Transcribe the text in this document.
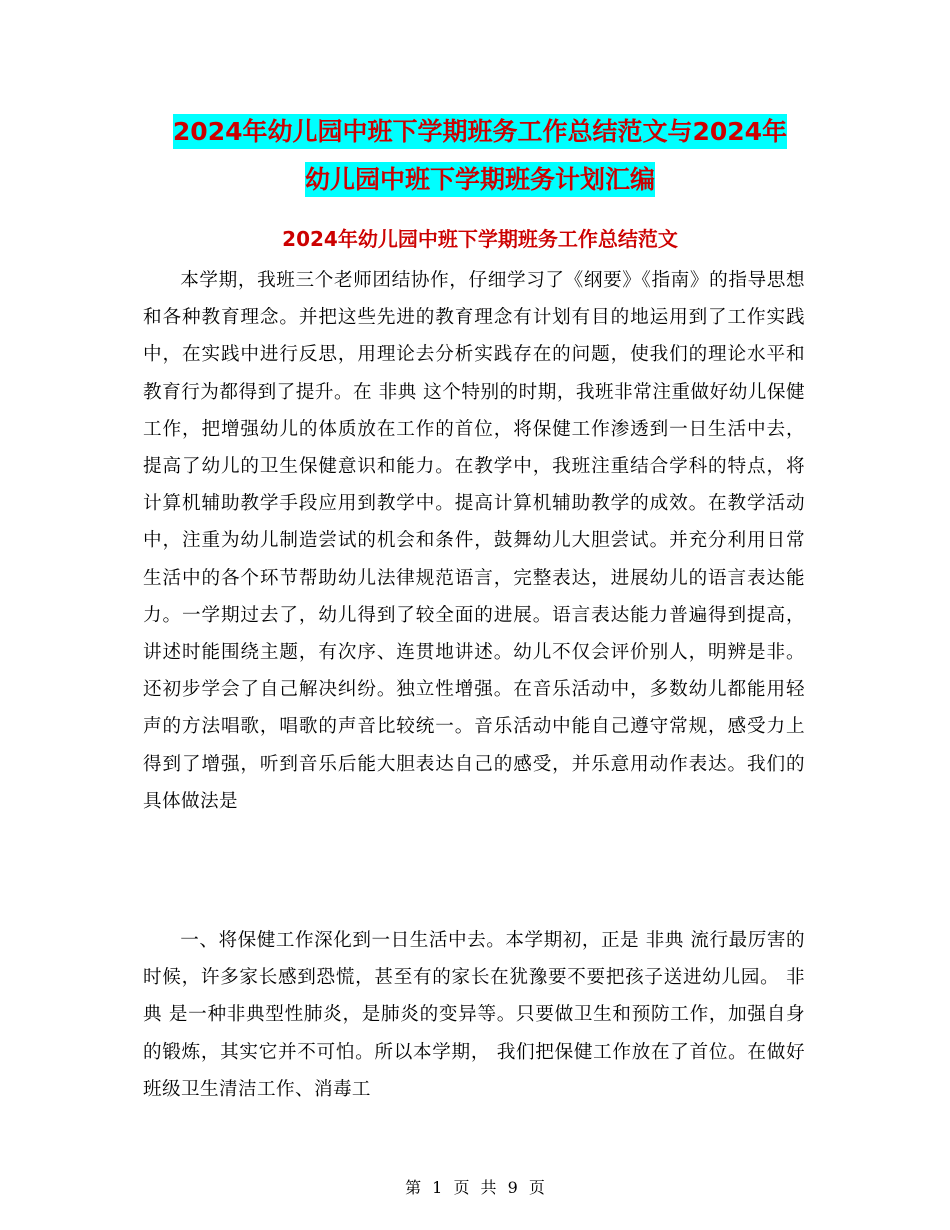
2024年幼儿园中班下学期班务工作总结范文与2024年
幼儿园中班下学期班务计划汇编
2024年幼儿园中班下学期班务工作总结范文

本学期，我班三个老师团结协作，仔细学习了《纲要》《指南》的指导思想和各种教育理念。并把这些先进的教育理念有计划有目的地运用到了工作实践中，在实践中进行反思，用理论去分析实践存在的问题，使我们的理论水平和教育行为都得到了提升。在 非典 这个特别的时期，我班非常注重做好幼儿保健工作，把增强幼儿的体质放在工作的首位，将保健工作渗透到一日生活中去，提高了幼儿的卫生保健意识和能力。在教学中，我班注重结合学科的特点，将计算机辅助教学手段应用到教学中。提高计算机辅助教学的成效。在教学活动中，注重为幼儿制造尝试的机会和条件，鼓舞幼儿大胆尝试。并充分利用日常生活中的各个环节帮助幼儿法律规范语言，完整表达，进展幼儿的语言表达能力。一学期过去了，幼儿得到了较全面的进展。语言表达能力普遍得到提高，讲述时能围绕主题，有次序、连贯地讲述。幼儿不仅会评价别人，明辨是非。还初步学会了自己解决纠纷。独立性增强。在音乐活动中，多数幼儿都能用轻声的方法唱歌，唱歌的声音比较统一。音乐活动中能自己遵守常规，感受力上得到了增强，听到音乐后能大胆表达自己的感受，并乐意用动作表达。我们的具体做法是

一、将保健工作深化到一日生活中去。本学期初，正是 非典 流行最厉害的时候，许多家长感到恐慌，甚至有的家长在犹豫要不要把孩子送进幼儿园。 非典 是一种非典型性肺炎，是肺炎的变异等。只要做卫生和预防工作，加强自身的锻炼，其实它并不可怕。所以本学期， 我们把保健工作放在了首位。在做好班级卫生清洁工作、消毒工

第 1 页 共 9 页
